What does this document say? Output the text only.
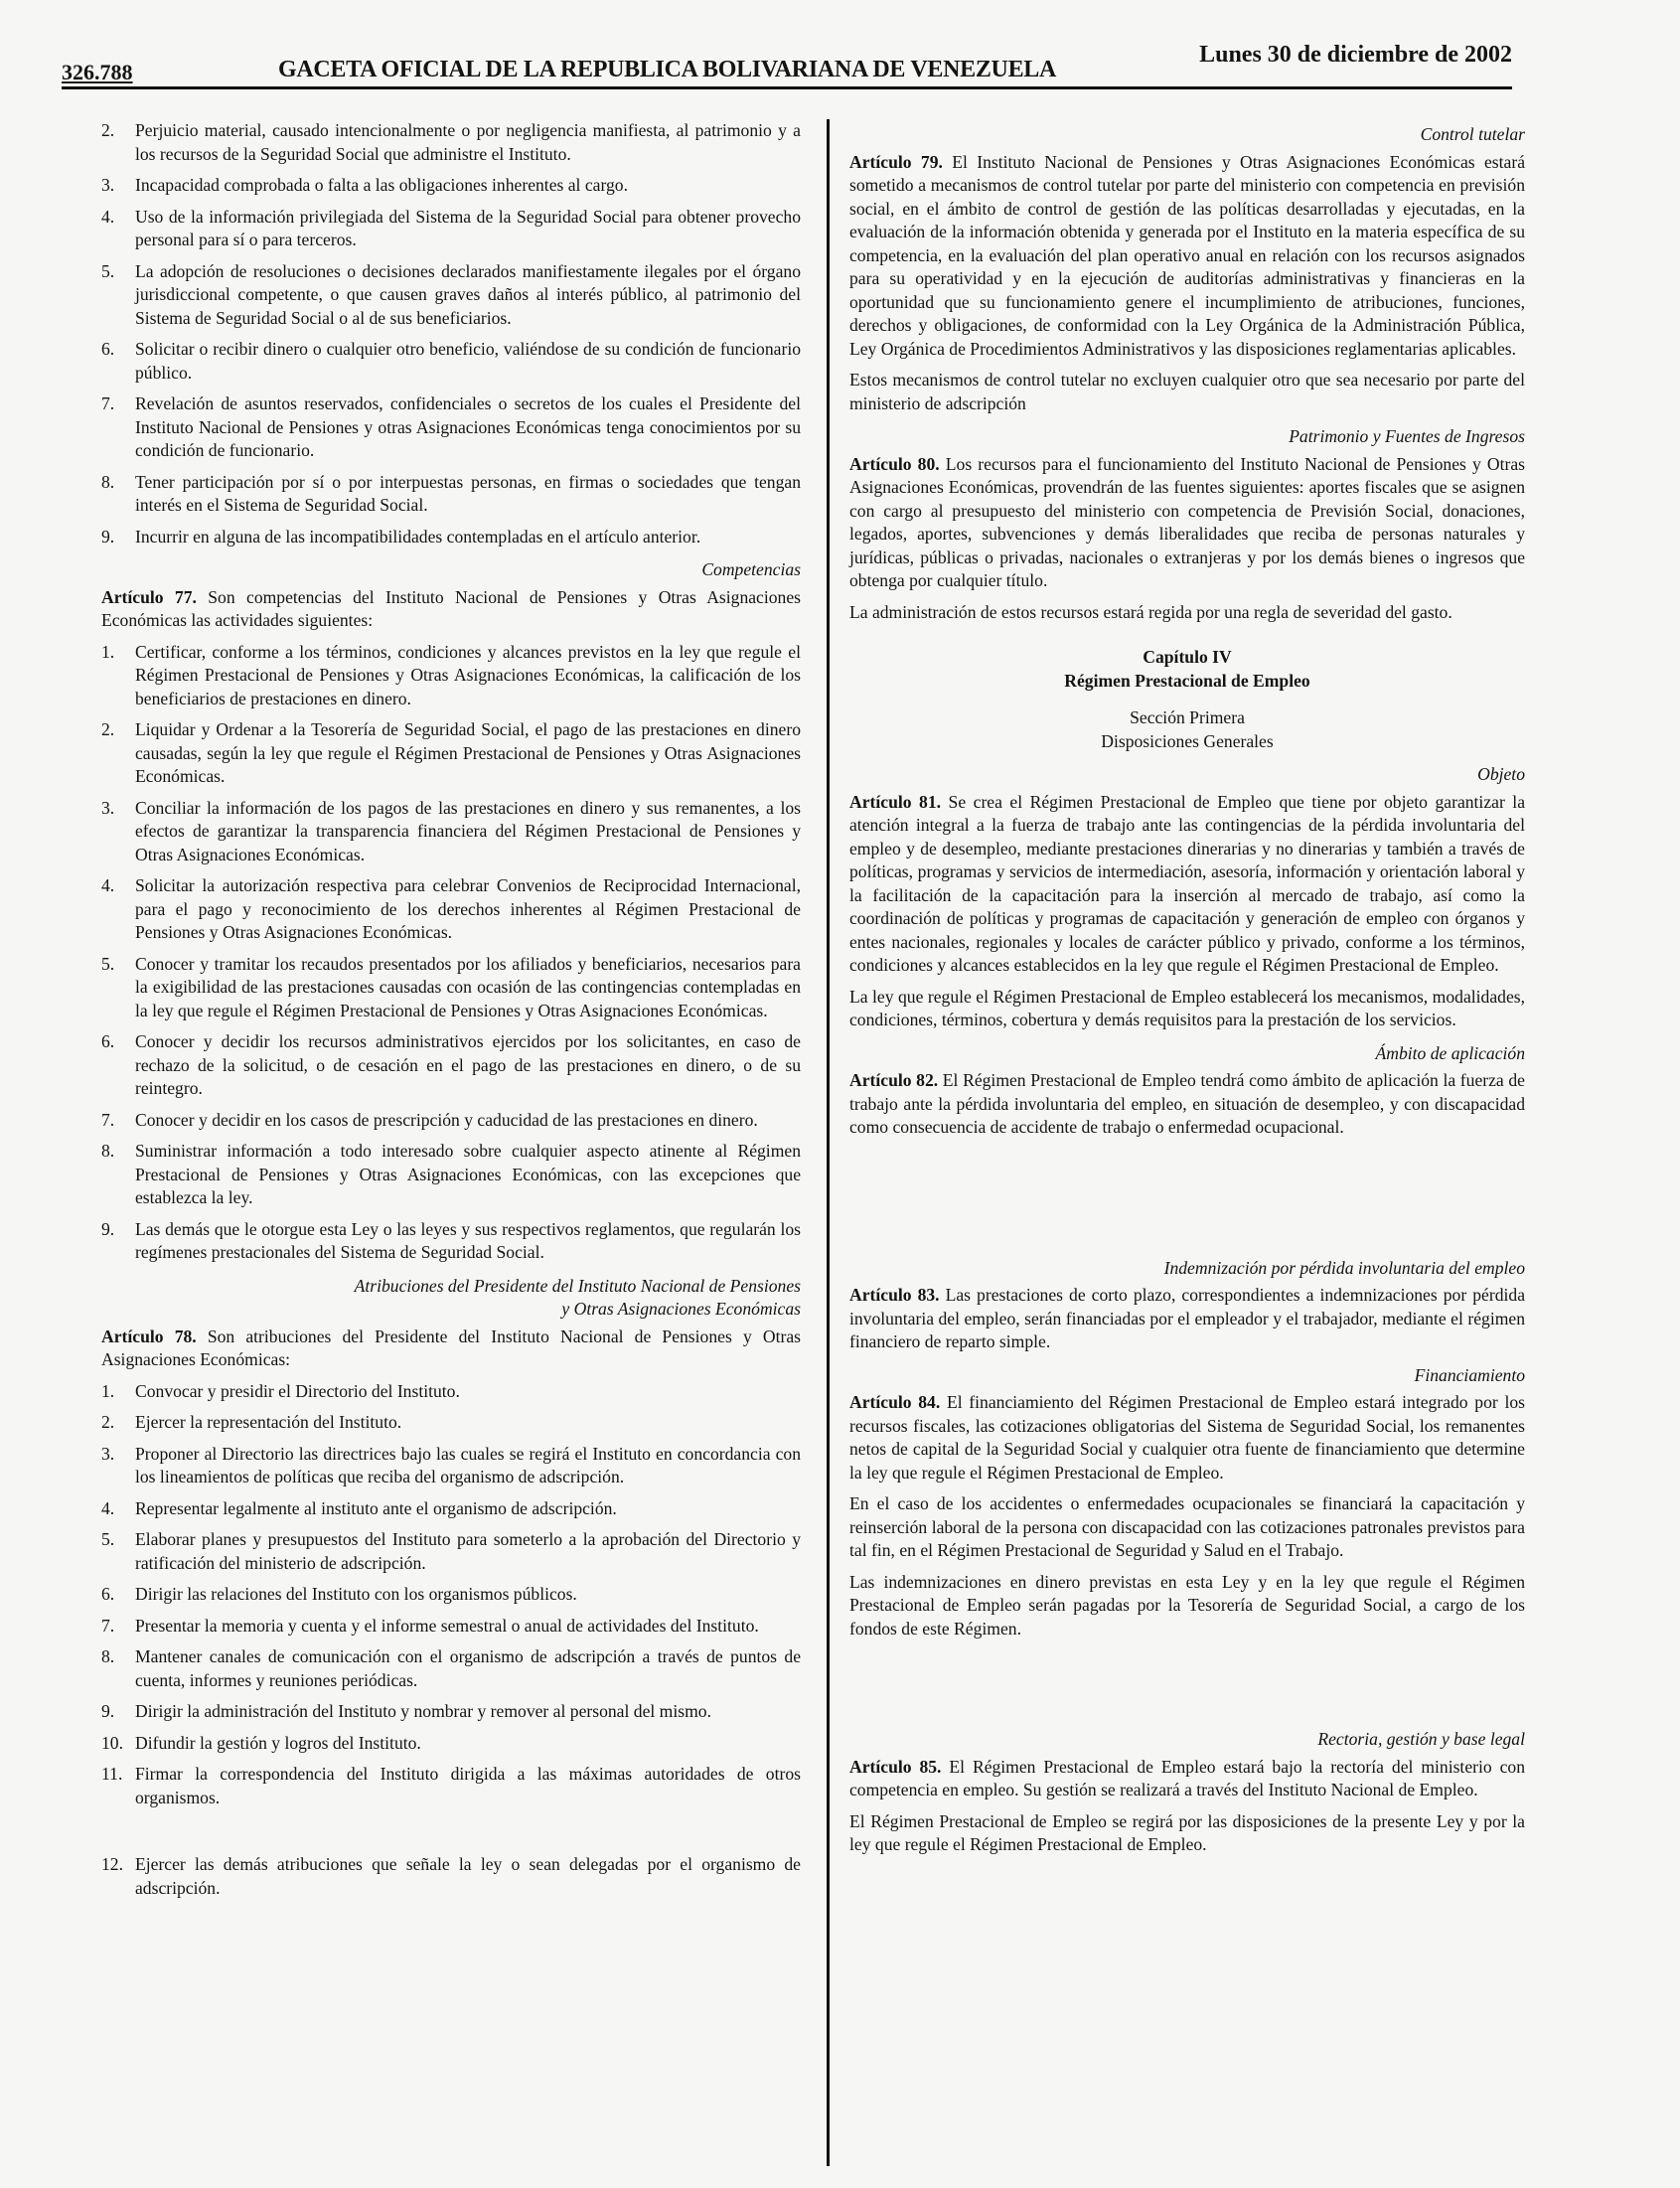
326.788	GACETA OFICIAL DE LA REPUBLICA BOLIVARIANA DE VENEZUELA
Lunes 30 de diciembre de 2002
2. Perjuicio material, causado intencionalmente o por negligencia manifiesta, al patrimonio y a los recursos de la Seguridad Social que administre el Instituto.
3. Incapacidad comprobada o falta a las obligaciones inherentes al cargo.
4. Uso de la información privilegiada del Sistema de la Seguridad Social para obtener provecho personal para sí o para terceros.
5. La adopción de resoluciones o decisiones declarados manifiestamente ilegales por el órgano jurisdiccional competente, o que causen graves daños al interés público, al patrimonio del Sistema de Seguridad Social o al de sus beneficiarios.
6. Solicitar o recibir dinero o cualquier otro beneficio, valiéndose de su condición de funcionario público.
7. Revelación de asuntos reservados, confidenciales o secretos de los cuales el Presidente del Instituto Nacional de Pensiones y otras Asignaciones Económicas tenga conocimientos por su condición de funcionario.
8. Tener participación por sí o por interpuestas personas, en firmas o sociedades que tengan interés en el Sistema de Seguridad Social.
9. Incurrir en alguna de las incompatibilidades contempladas en el artículo anterior.
Competencias

Artículo 77. Son competencias del Instituto Nacional de Pensiones y Otras Asignaciones Económicas las actividades siguientes:

1. Certificar, conforme a los términos, condiciones y alcances previstos en la ley que regule el Régimen Prestacional de Pensiones y Otras Asignaciones Económicas, la calificación de los beneficiarios de prestaciones en dinero.
2. Liquidar y Ordenar a la Tesorería de Seguridad Social, el pago de las prestaciones en dinero causadas, según la ley que regule el Régimen Prestacional de Pensiones y Otras Asignaciones Económicas.
3. Conciliar la información de los pagos de las prestaciones en dinero y sus remanentes, a los efectos de garantizar la transparencia financiera del Régimen Prestacional de Pensiones y Otras Asignaciones Económicas.
4. Solicitar la autorización respectiva para celebrar Convenios de Reciprocidad Internacional, para el pago y reconocimiento de los derechos inherentes al Régimen Prestacional de Pensiones y Otras Asignaciones Económicas.
5. Conocer y tramitar los recaudos presentados por los afiliados y beneficiarios, necesarios para la exigibilidad de las prestaciones causadas con ocasión de las contingencias contempladas en la ley que regule el Régimen Prestacional de Pensiones y Otras Asignaciones Económicas.
6. Conocer y decidir los recursos administrativos ejercidos por los solicitantes, en caso de rechazo de la solicitud, o de cesación en el pago de las prestaciones en dinero, o de su reintegro.
7. Conocer y decidir en los casos de prescripción y caducidad de las prestaciones en dinero.
8. Suministrar información a todo interesado sobre cualquier aspecto atinente al Régimen Prestacional de Pensiones y Otras Asignaciones Económicas, con las excepciones que establezca la ley.
9. Las demás que le otorgue esta Ley o las leyes y sus respectivos reglamentos, que regularán los regímenes prestacionales del Sistema de Seguridad Social.
Atribuciones del Presidente del Instituto Nacional de Pensiones
y Otras Asignaciones Económicas

Artículo 78. Son atribuciones del Presidente del Instituto Nacional de Pensiones y Otras Asignaciones Económicas:

1. Convocar y presidir el Directorio del Instituto.
2. Ejercer la representación del Instituto.
3. Proponer al Directorio las directrices bajo las cuales se regirá el Instituto en concordancia con los lineamientos de políticas que reciba del organismo de adscripción.
4. Representar legalmente al instituto ante el organismo de adscripción.
5. Elaborar planes y presupuestos del Instituto para someterlo a la aprobación del Directorio y ratificación del ministerio de adscripción.
6. Dirigir las relaciones del Instituto con los organismos públicos.
7. Presentar la memoria y cuenta y el informe semestral o anual de actividades del Instituto.
8. Mantener canales de comunicación con el organismo de adscripción a través de puntos de cuenta, informes y reuniones periódicas.
9. Dirigir la administración del Instituto y nombrar y remover al personal del mismo.
10. Difundir la gestión y logros del Instituto.
11. Firmar la correspondencia del Instituto dirigida a las máximas autoridades de otros organismos.
12. Ejercer las demás atribuciones que señale la ley o sean delegadas por el organismo de adscripción.
Control tutelar

Artículo 79. El Instituto Nacional de Pensiones y Otras Asignaciones Económicas estará sometido a mecanismos de control tutelar por parte del ministerio con competencia en previsión social, en el ámbito de control de gestión de las políticas desarrolladas y ejecutadas, en la evaluación de la información obtenida y generada por el Instituto en la materia específica de su competencia, en la evaluación del plan operativo anual en relación con los recursos asignados para su operatividad y en la ejecución de auditorías administrativas y financieras en la oportunidad que su funcionamiento genere el incumplimiento de atribuciones, funciones, derechos y obligaciones, de conformidad con la Ley Orgánica de la Administración Pública, Ley Orgánica de Procedimientos Administrativos y las disposiciones reglamentarias aplicables.

Estos mecanismos de control tutelar no excluyen cualquier otro que sea necesario por parte del ministerio de adscripción

Patrimonio y Fuentes de Ingresos

Artículo 80. Los recursos para el funcionamiento del Instituto Nacional de Pensiones y Otras Asignaciones Económicas, provendrán de las fuentes siguientes: aportes fiscales que se asignen con cargo al presupuesto del ministerio con competencia de Previsión Social, donaciones, legados, aportes, subvenciones y demás liberalidades que reciba de personas naturales y jurídicas, públicas o privadas, nacionales o extranjeras y por los demás bienes o ingresos que obtenga por cualquier título.

La administración de estos recursos estará regida por una regla de severidad del gasto.

Capítulo IV

Régimen Prestacional de Empleo

Sección Primera

Disposiciones Generales

Objeto

Artículo 81. Se crea el Régimen Prestacional de Empleo que tiene por objeto garantizar la atención integral a la fuerza de trabajo ante las contingencias de la pérdida involuntaria del empleo y de desempleo, mediante prestaciones dinerarias y no dinerarias y también a través de políticas, programas y servicios de intermediación, asesoría, información y orientación laboral y la facilitación de la capacitación para la inserción al mercado de trabajo, así como la coordinación de políticas y programas de capacitación y generación de empleo con órganos y entes nacionales, regionales y locales de carácter público y privado, conforme a los términos, condiciones y alcances establecidos en la ley que regule el Régimen Prestacional de Empleo.

La ley que regule el Régimen Prestacional de Empleo establecerá los mecanismos, modalidades, condiciones, términos, cobertura y demás requisitos para la prestación de los servicios.

Ámbito de aplicación

Artículo 82. El Régimen Prestacional de Empleo tendrá como ámbito de aplicación la fuerza de trabajo ante la pérdida involuntaria del empleo, en situación de desempleo, y con discapacidad como consecuencia de accidente de trabajo o enfermedad ocupacional.

Indemnización por pérdida involuntaria del empleo

Artículo 83. Las prestaciones de corto plazo, correspondientes a indemnizaciones por pérdida involuntaria del empleo, serán financiadas por el empleador y el trabajador, mediante el régimen financiero de reparto simple.

Financiamiento

Artículo 84. El financiamiento del Régimen Prestacional de Empleo estará integrado por los recursos fiscales, las cotizaciones obligatorias del Sistema de Seguridad Social, los remanentes netos de capital de la Seguridad Social y cualquier otra fuente de financiamiento que determine la ley que regule el Régimen Prestacional de Empleo.

En el caso de los accidentes o enfermedades ocupacionales se financiará la capacitación y reinserción laboral de la persona con discapacidad con las cotizaciones patronales previstos para tal fin, en el Régimen Prestacional de Seguridad y Salud en el Trabajo.

Las indemnizaciones en dinero previstas en esta Ley y en la ley que regule el Régimen Prestacional de Empleo serán pagadas por la Tesorería de Seguridad Social, a cargo de los fondos de este Régimen.

Rectoria, gestión y base legal

Artículo 85. El Régimen Prestacional de Empleo estará bajo la rectoría del ministerio con competencia en empleo. Su gestión se realizará a través del Instituto Nacional de Empleo.

El Régimen Prestacional de Empleo se regirá por las disposiciones de la presente Ley y por la ley que regule el Régimen Prestacional de Empleo.
